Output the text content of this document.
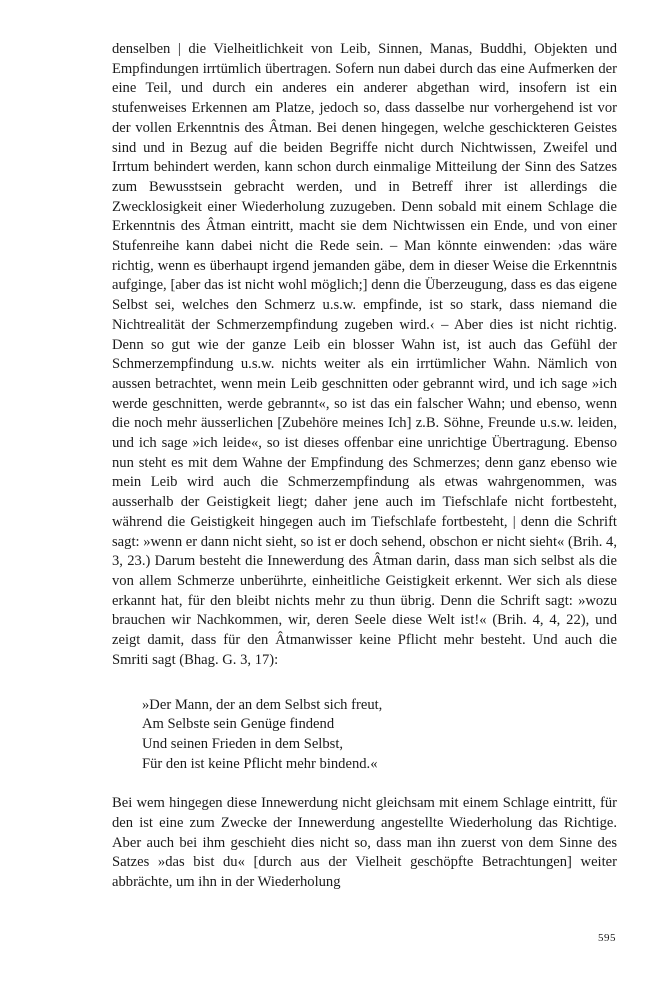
denselben | die Vielheitlichkeit von Leib, Sinnen, Manas, Buddhi, Objekten und Empfindungen irrtümlich übertragen. Sofern nun dabei durch das eine Aufmerken der eine Teil, und durch ein anderes ein anderer abgethan wird, insofern ist ein stufenweises Erkennen am Platze, jedoch so, dass dasselbe nur vorhergehend ist vor der vollen Erkenntnis des Âtman. Bei denen hingegen, welche geschickteren Geistes sind und in Bezug auf die beiden Begriffe nicht durch Nichtwissen, Zweifel und Irrtum behindert werden, kann schon durch einmalige Mitteilung der Sinn des Satzes zum Bewusstsein gebracht werden, und in Betreff ihrer ist allerdings die Zwecklosigkeit einer Wiederholung zuzugeben. Denn sobald mit einem Schlage die Erkenntnis des Âtman eintritt, macht sie dem Nichtwissen ein Ende, und von einer Stufenreihe kann dabei nicht die Rede sein. – Man könnte einwenden: ›das wäre richtig, wenn es überhaupt irgend jemanden gäbe, dem in dieser Weise die Erkenntnis aufginge, [aber das ist nicht wohl möglich;] denn die Überzeugung, dass es das eigene Selbst sei, welches den Schmerz u.s.w. empfinde, ist so stark, dass niemand die Nichtrealität der Schmerzempfindung zugeben wird.‹ – Aber dies ist nicht richtig. Denn so gut wie der ganze Leib ein blosser Wahn ist, ist auch das Gefühl der Schmerzempfindung u.s.w. nichts weiter als ein irrtümlicher Wahn. Nämlich von aussen betrachtet, wenn mein Leib geschnitten oder gebrannt wird, und ich sage »ich werde geschnitten, werde gebrannt«, so ist das ein falscher Wahn; und ebenso, wenn die noch mehr äusserlichen [Zubehöre meines Ich] z.B. Söhne, Freunde u.s.w. leiden, und ich sage »ich leide«, so ist dieses offenbar eine unrichtige Übertragung. Ebenso nun steht es mit dem Wahne der Empfindung des Schmerzes; denn ganz ebenso wie mein Leib wird auch die Schmerzempfindung als etwas wahrgenommen, was ausserhalb der Geistigkeit liegt; daher jene auch im Tiefschlafe nicht fortbesteht, während die Geistigkeit hingegen auch im Tiefschlafe fortbesteht, | denn die Schrift sagt: »wenn er dann nicht sieht, so ist er doch sehend, obschon er nicht sieht« (Brih. 4, 3, 23.) Darum besteht die Innewerdung des Âtman darin, dass man sich selbst als die von allem Schmerze unberührte, einheitliche Geistigkeit erkennt. Wer sich als diese erkannt hat, für den bleibt nichts mehr zu thun übrig. Denn die Schrift sagt: »wozu brauchen wir Nachkommen, wir, deren Seele diese Welt ist!« (Brih. 4, 4, 22), und zeigt damit, dass für den Âtmanwisser keine Pflicht mehr besteht. Und auch die Smriti sagt (Bhag. G. 3, 17):

»Der Mann, der an dem Selbst sich freut,
Am Selbste sein Genüge findend
Und seinen Frieden in dem Selbst,
Für den ist keine Pflicht mehr bindend.«

Bei wem hingegen diese Innewerdung nicht gleichsam mit einem Schlage eintritt, für den ist eine zum Zwecke der Innewerdung angestellte Wiederholung das Richtige. Aber auch bei ihm geschieht dies nicht so, dass man ihn zuerst von dem Sinne des Satzes »das bist du« [durch aus der Vielheit geschöpfte Betrachtungen] weiter abbrächte, um ihn in der Wiederholung

595
